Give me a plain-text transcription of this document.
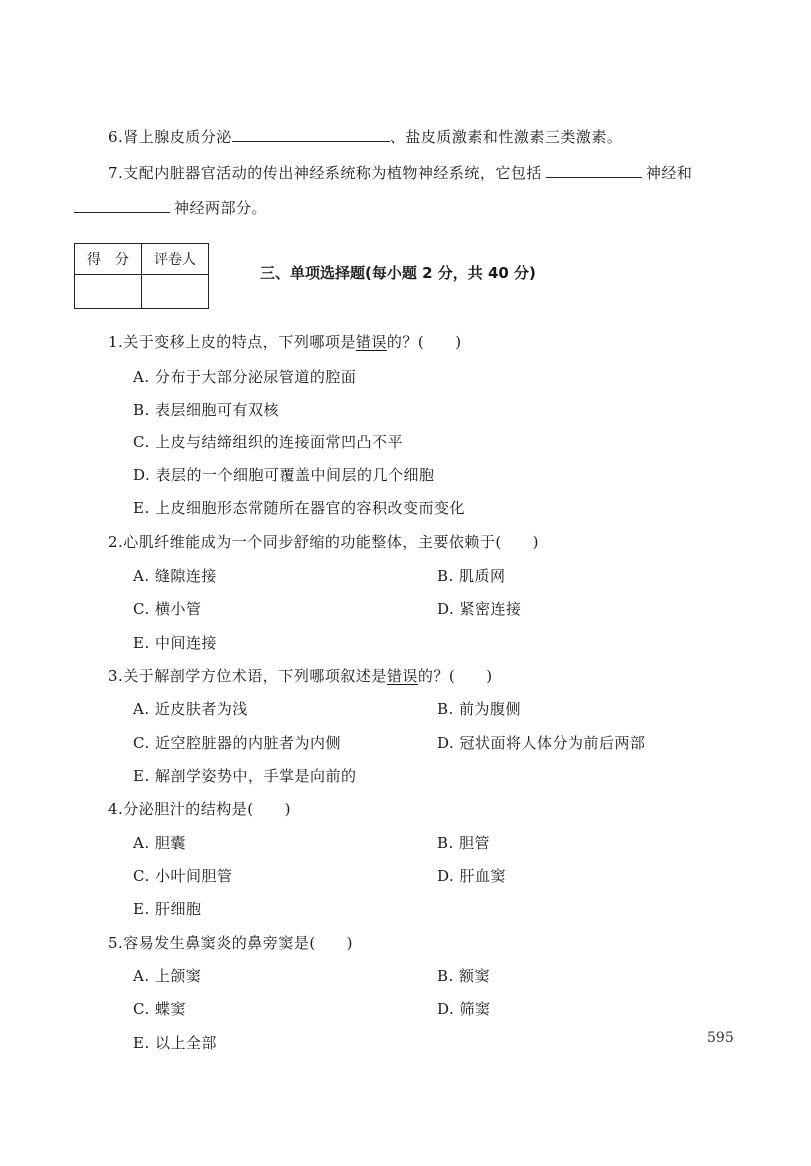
6.肾上腺皮质分泌	、盐皮质激素和性激素三类激素。
7.支配内脏器官活动的传出神经系统称为植物神经系统，它包括	神经和
神经两部分。
得　分	评卷人

三、单项选择题(每小题 2 分，共 40 分)
1.关于变移上皮的特点，下列哪项是错误的？(　　)
A. 分布于大部分泌尿管道的腔面
B. 表层细胞可有双核
C. 上皮与结缔组织的连接面常凹凸不平
D. 表层的一个细胞可覆盖中间层的几个细胞
E. 上皮细胞形态常随所在器官的容积改变而变化
2.心肌纤维能成为一个同步舒缩的功能整体，主要依赖于(　　)
A. 缝隙连接	B. 肌质网
C. 横小管	D. 紧密连接
E. 中间连接
3.关于解剖学方位术语，下列哪项叙述是错误的？(　　)
A. 近皮肤者为浅	B. 前为腹侧
C. 近空腔脏器的内脏者为内侧	D. 冠状面将人体分为前后两部
E. 解剖学姿势中，手掌是向前的
4.分泌胆汁的结构是(　　)
A. 胆囊	B. 胆管
C. 小叶间胆管	D. 肝血窦
E. 肝细胞
5.容易发生鼻窦炎的鼻旁窦是(　　)
A. 上颌窦	B. 额窦
C. 蝶窦	D. 筛窦
E. 以上全部	595
